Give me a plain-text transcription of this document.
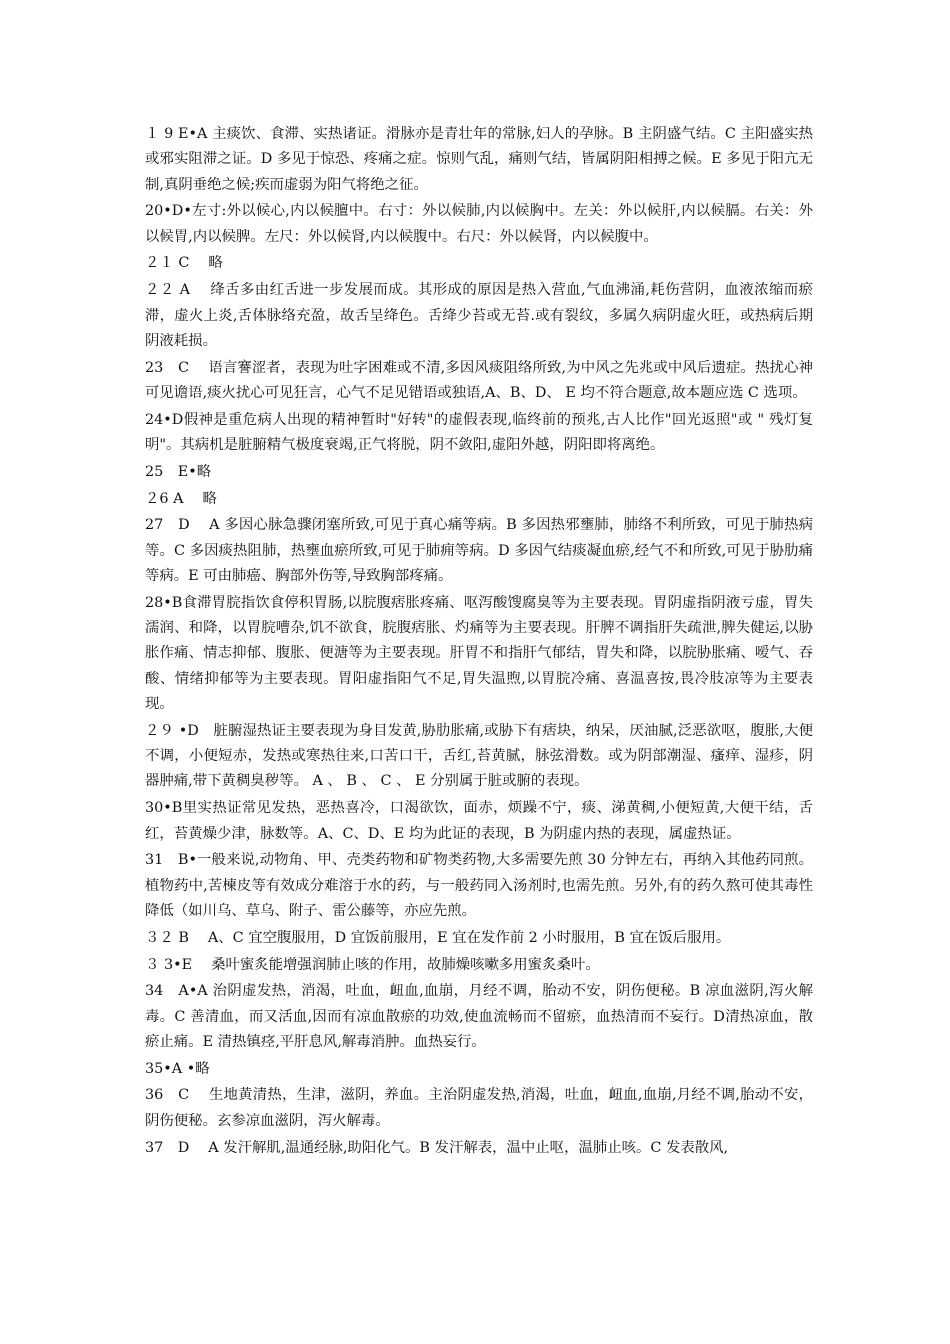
１ 9 E•A 主痰饮、食滞、实热诸证。滑脉亦是青壮年的常脉,妇人的孕脉。B 主阴盛气结。C 主阳盛实热或邪实阻滞之证。D 多见于惊恐、疼痛之症。惊则气乱，痛则气结，皆属阴阳相搏之候。E 多见于阳亢无制,真阴垂绝之候;疾而虚弱为阳气将绝之征。

20•D•左寸:外以候心,内以候膻中。右寸：外以候肺,内以候胸中。左关：外以候肝,内以候膈。右关：外以候胃,内以候脾。左尺：外以候肾,内以候腹中。右尺：外以候肾，内以候腹中。

２１ C　 略

２２ A　 绛舌多由红舌进一步发展而成。其形成的原因是热入营血,气血沸涌,耗伤营阴，血液浓缩而瘀滞，虚火上炎,舌体脉络充盈，故舌呈绛色。舌绛少苔或无苔.或有裂纹，多属久病阴虚火旺，或热病后期阴液耗损。

23　C　 语言謇涩者，表现为吐字困难或不清,多因风痰阻络所致,为中风之先兆或中风后遗症。热扰心神可见谵语,痰火扰心可见狂言，心气不足见错语或独语,A、B、D、 E 均不符合题意,故本题应选 C 选项。

24•D假神是重危病人出现的精神暂时"好转"的虚假表现,临终前的预兆,古人比作"回光返照"或 " 残灯复明"。其病机是脏腑精气极度衰竭,正气将脱，阴不敛阳,虚阳外越，阴阳即将离绝。

25　E•略

２6 A　 略

27　D　 A 多因心脉急骤闭塞所致,可见于真心痛等病。B 多因热邪壅肺，肺络不利所致，可见于肺热病等。C 多因痰热阻肺，热壅血瘀所致,可见于肺痈等病。D 多因气结痰凝血瘀,经气不和所致,可见于胁肋痛等病。E 可由肺癌、胸部外伤等,导致胸部疼痛。

28•B食滞胃脘指饮食停积胃肠,以脘腹痞胀疼痛、呕泻酸馊腐臭等为主要表现。胃阴虚指阴液亏虚，胃失濡润、和降，以胃脘嘈杂,饥不欲食，脘腹痞胀、灼痛等为主要表现。肝脾不调指肝失疏泄,脾失健运,以胁胀作痛、情志抑郁、腹胀、便溏等为主要表现。肝胃不和指肝气郁结，胃失和降，以脘胁胀痛、嗳气、吞酸、情绪抑郁等为主要表现。胃阳虚指阳气不足,胃失温煦,以胃脘冷痛、喜温喜按,畏冷肢凉等为主要表现。

２９ •D　脏腑湿热证主要表现为身目发黄,胁肋胀痛,或胁下有痞块，纳呆，厌油腻,泛恶欲呕，腹胀,大便不调，小便短赤，发热或寒热往来,口苦口干，舌红,苔黄腻，脉弦滑数。或为阴部潮湿、瘙痒、湿疹，阴器肿痛,带下黄稠臭秽等。 A 、 B 、 C 、 E 分别属于脏或腑的表现。

30•B里实热证常见发热，恶热喜冷，口渴欲饮，面赤，烦躁不宁，痰、涕黄稠,小便短黄,大便干结，舌红，苔黄燥少津，脉数等。A、C、D、E 均为此证的表现，B 为阴虚内热的表现，属虚热证。

31　B•一般来说,动物角、甲、壳类药物和矿物类药物,大多需要先煎 30 分钟左右，再纳入其他药同煎。植物药中,苦楝皮等有效成分难溶于水的药，与一般药同入汤剂时,也需先煎。另外,有的药久熬可使其毒性降低（如川乌、草乌、附子、雷公藤等，亦应先煎。

３２ B　 A、C 宜空腹服用，D 宜饭前服用，E 宜在发作前 2 小时服用，B 宜在饭后服用。

３ 3•E　 桑叶蜜炙能增强润肺止咳的作用，故肺燥咳嗽多用蜜炙桑叶。

34　A•A 治阴虚发热，消渴，吐血，衄血,血崩，月经不调，胎动不安，阴伤便秘。B 凉血滋阴,泻火解毒。C 善清血，而又活血,因而有凉血散瘀的功效,使血流畅而不留瘀，血热清而不妄行。D清热凉血，散瘀止痛。E 清热镇痉,平肝息风,解毒消肿。血热妄行。

35•A •略

36　C　 生地黄清热，生津，滋阴，养血。主治阴虚发热,消渴，吐血，衄血,血崩,月经不调,胎动不安，阴伤便秘。玄参凉血滋阴，泻火解毒。

37　D　 A 发汗解肌,温通经脉,助阳化气。B 发汗解表，温中止呕，温肺止咳。C 发表散风,
